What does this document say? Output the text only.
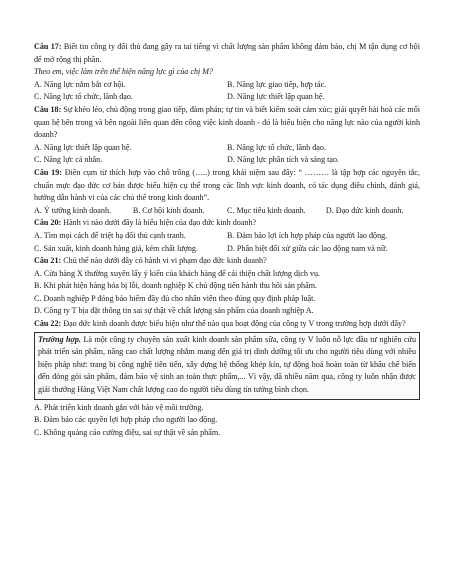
Câu 17: Biết tin công ty đối thủ đang gây ra tai tiếng vì chất lượng sản phẩm không đảm bảo, chị M tận dụng cơ hội để mở rộng thị phần.

Theo em, việc làm trên thể hiện năng lực gì của chị M?

A. Năng lực nắm bắt cơ hội.	B. Năng lực giao tiếp, hợp tác.
C. Năng lực tổ chức, lãnh đạo.	D. Năng lực thiết lập quan hệ.

Câu 18: Sự khéo léo, chủ động trong giao tiếp, đàm phán; tự tin và biết kiểm soát cảm xúc; giải quyết hài hoà các mối quan hệ bên trong và bên ngoài liên quan đến công việc kinh doanh - đó là biểu hiện cho năng lực nào của người kinh doanh?

A. Năng lực thiết lập quan hệ.	B. Năng lực tổ chức, lãnh đạo.
C. Năng lực cá nhân.	D. Năng lực phân tích và sáng tạo.

Câu 19: Điền cụm từ thích hợp vào chỗ trống (…..) trong khái niệm sau đây: “ ……… là tập hợp các nguyên tắc, chuẩn mực đạo đức cơ bản được biểu hiện cụ thể trong các lĩnh vực kinh doanh, có tác dụng điều chỉnh, đánh giá, hướng dẫn hành vi của các chủ thể trong kinh doanh”.

A. Ý tưởng kinh doanh.	B. Cơ hội kinh doanh.	C. Mục tiêu kinh doanh.	D. Đạo đức kinh doanh.

Câu 20: Hành vi nào dưới đây là biểu hiện của đạo đức kinh doanh?

A. Tìm mọi cách để triệt hạ đối thủ cạnh tranh.	B. Đảm bảo lợi ích hợp pháp của người lao động.
C. Sản xuất, kinh doanh hàng giả, kém chất lượng.	D. Phân biệt đối xử giữa các lao động nam và nữ.

Câu 21: Chủ thể nào dưới đây có hành vi vi phạm đạo đức kinh doanh?

A. Cửa hàng X thường xuyên lấy ý kiến của khách hàng để cải thiện chất lượng dịch vụ.

B. Khi phát hiện hàng hóa bị lỗi, doanh nghiệp K chủ động tiến hành thu hồi sản phẩm.

C. Doanh nghiệp P đóng bảo hiểm đầy đủ cho nhân viên theo đúng quy định pháp luật.

D. Công ty T bịa đặt thông tin sai sự thật về chất lượng sản phẩm của doanh nghiệp A.

Câu 22: Đạo đức kinh doanh được biểu hiện như thế nào qua hoạt động của công ty V trong trường hợp dưới đây?

Trường hợp. Là một công ty chuyên sản xuất kinh doanh sản phẩm sữa, công ty V luôn nỗ lực đầu tư nghiên cứu phát triển sản phẩm, nâng cao chất lượng nhằm mang đến giá trị dinh dưỡng tối ưu cho người tiêu dùng với nhiều biện pháp như: trang bị công nghệ tiên tiến, xây dựng hệ thống khép kín, tự động hoá hoàn toàn từ khâu chế biến đến đóng gói sản phẩm, đảm bảo vệ sinh an toàn thực phẩm,... Vì vậy, đã nhiều năm qua, công ty luôn nhận được giải thưởng Hàng Việt Nam chất lượng cao do người tiêu dùng tín tưởng bình chọn.

A. Phát triển kinh doanh gắn với bảo vệ môi trường.

B. Đảm bảo các quyền lợi hợp pháp cho người lao động.

C. Không quảng cáo cường điệu, sai sự thật về sản phẩm.
